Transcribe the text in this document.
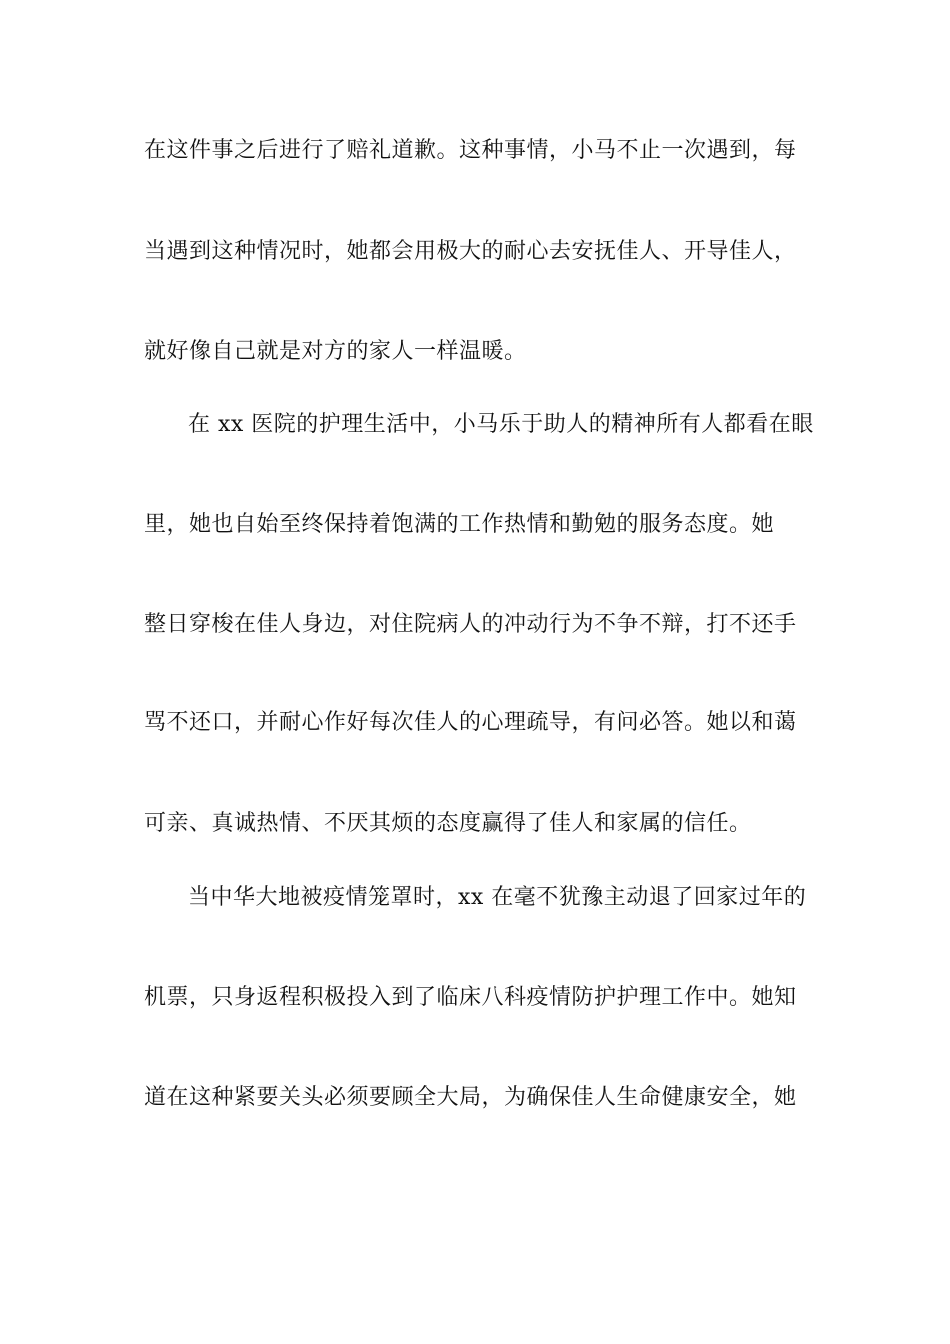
在这件事之后进行了赔礼道歉。这种事情，小马不止一次遇到，每
当遇到这种情况时，她都会用极大的耐心去安抚佳人、开导佳人，
就好像自己就是对方的家人一样温暖。
在 xx 医院的护理生活中，小马乐于助人的精神所有人都看在眼
里，她也自始至终保持着饱满的工作热情和勤勉的服务态度。她
整日穿梭在佳人身边，对住院病人的冲动行为不争不辩，打不还手
骂不还口，并耐心作好每次佳人的心理疏导，有问必答。她以和蔼
可亲、真诚热情、不厌其烦的态度赢得了佳人和家属的信任。
当中华大地被疫情笼罩时，xx 在毫不犹豫主动退了回家过年的
机票，只身返程积极投入到了临床八科疫情防护护理工作中。她知
道在这种紧要关头必须要顾全大局，为确保佳人生命健康安全，她
